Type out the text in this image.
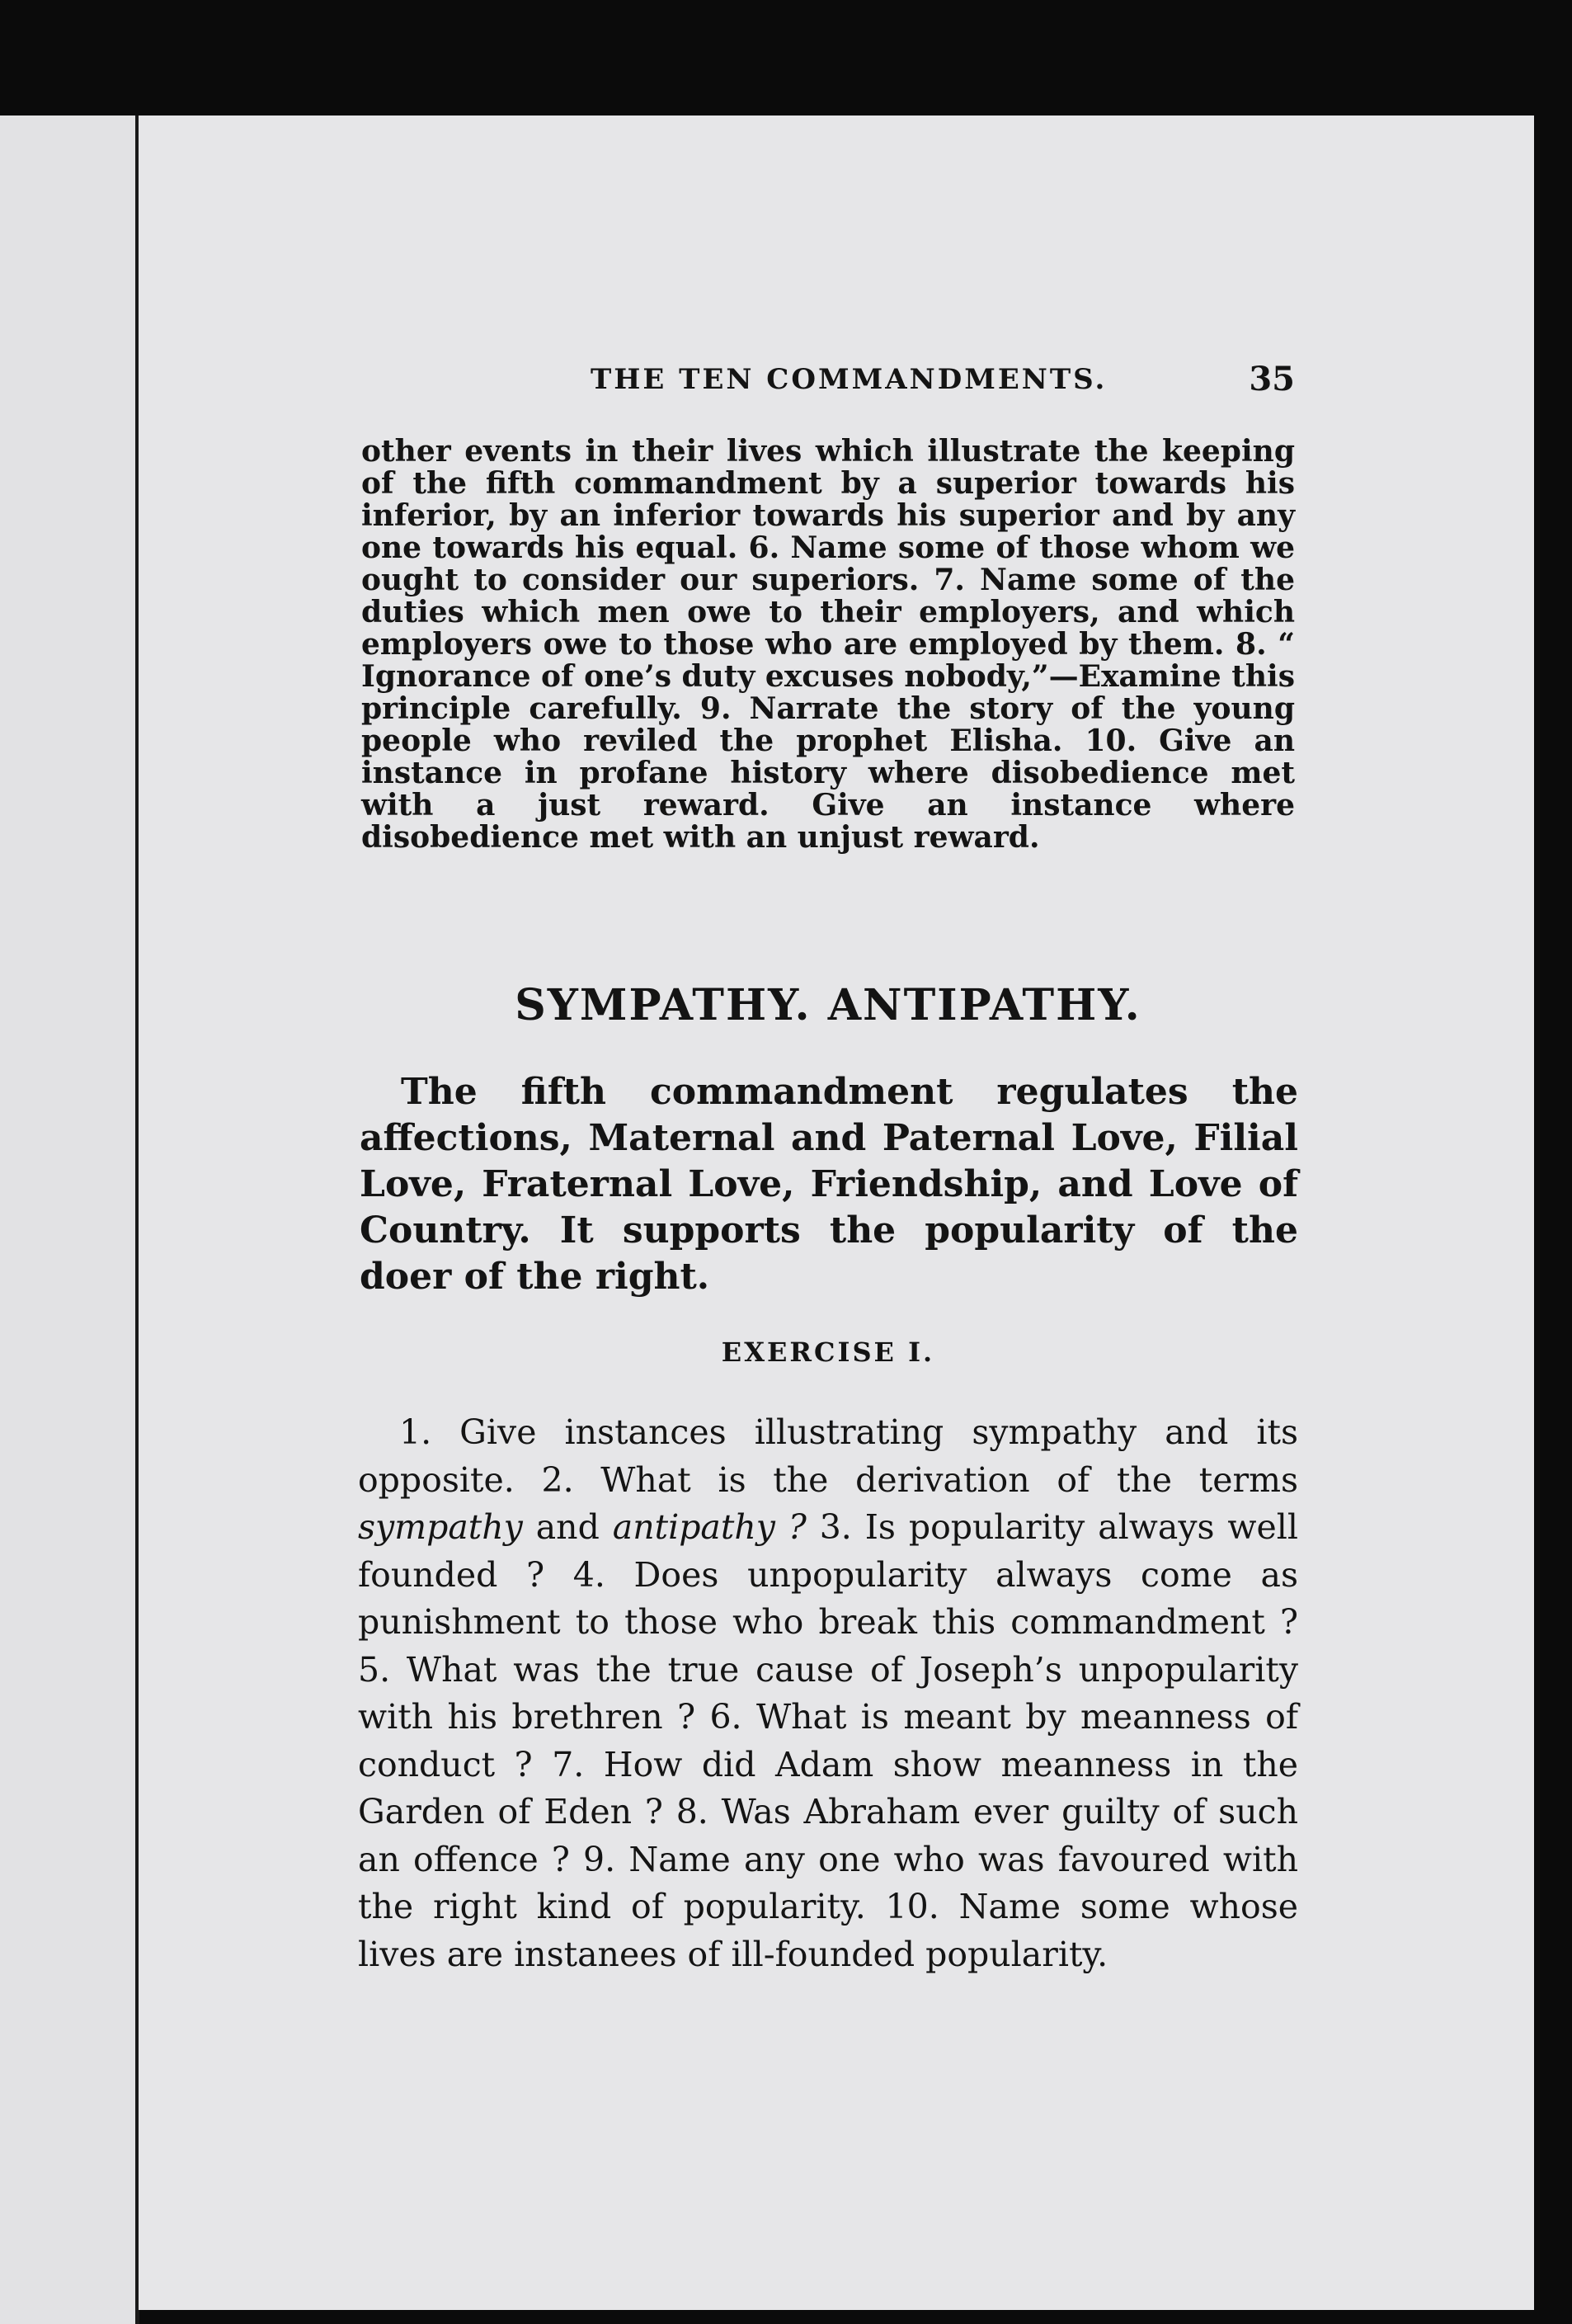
THE TEN COMMANDMENTS.	35

other events in their lives which illustrate the keeping of the fifth commandment by a superior towards his inferior, by an inferior towards his superior and by any one towards his equal. 6. Name some of those whom we ought to consider our superiors. 7. Name some of the duties which men owe to their employers, and which employers owe to those who are employed by them. 8. “ Ignorance of one’s duty excuses nobody,”—Examine this principle carefully. 9. Narrate the story of the young people who reviled the prophet Elisha. 10. Give an instance in profane history where disobedience met with a just reward. Give an instance where disobedience met with an unjust reward.

SYMPATHY. ANTIPATHY.

The fifth commandment regulates the affections, Maternal and Paternal Love, Filial Love, Fraternal Love, Friendship, and Love of Country. It supports the popularity of the doer of the right.

EXERCISE I.

1. Give instances illustrating sympathy and its opposite. 2. What is the derivation of the terms sympathy and antipathy ? 3. Is popularity always well founded ? 4. Does unpopularity always come as punishment to those who break this commandment ? 5. What was the true cause of Joseph’s unpopularity with his brethren ? 6. What is meant by meanness of conduct ? 7. How did Adam show meanness in the Garden of Eden ? 8. Was Abraham ever guilty of such an offence ? 9. Name any one who was favoured with the right kind of popularity. 10. Name some whose lives are instanees of ill-founded popularity.
